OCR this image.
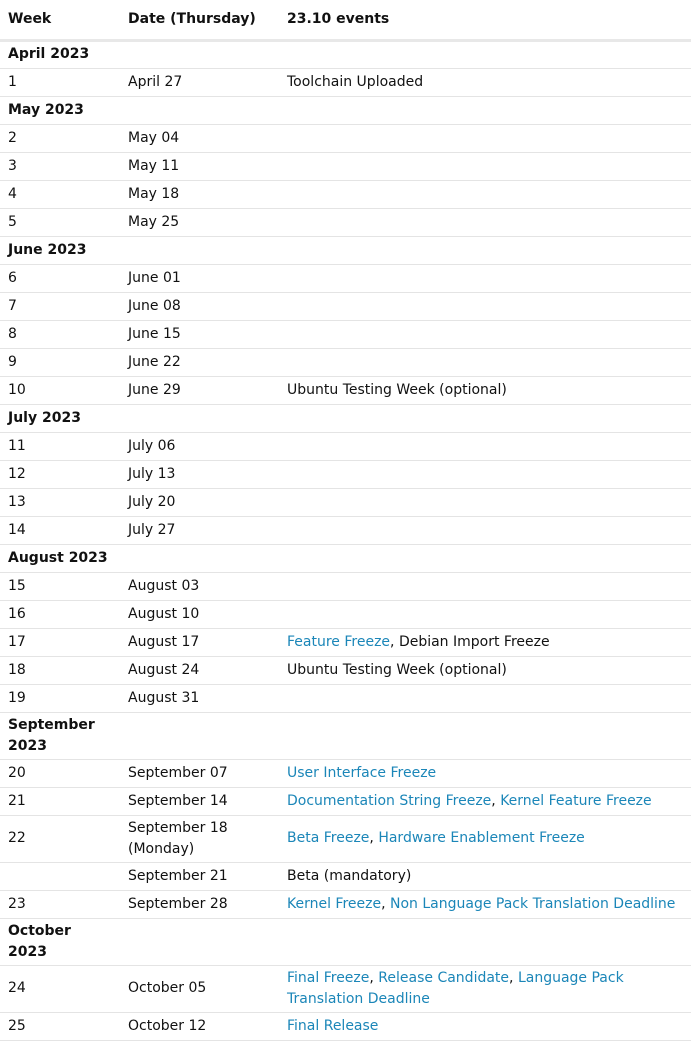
Week	Date (Thursday)	23.10 events
April 2023		
1	April 27	Toolchain Uploaded
May 2023		
2	May 04	
3	May 11	
4	May 18	
5	May 25	
June 2023		
6	June 01	
7	June 08	
8	June 15	
9	June 22	
10	June 29	Ubuntu Testing Week (optional)
July 2023		
11	July 06	
12	July 13	
13	July 20	
14	July 27	
August 2023		
15	August 03	
16	August 10	
17	August 17	Feature Freeze, Debian Import Freeze
18	August 24	Ubuntu Testing Week (optional)
19	August 31	
September 2023		
20	September 07	User Interface Freeze
21	September 14	Documentation String Freeze, Kernel Feature Freeze
22	September 18 (Monday)	Beta Freeze, Hardware Enablement Freeze
	September 21	Beta (mandatory)
23	September 28	Kernel Freeze, Non Language Pack Translation Deadline
October 2023		
24	October 05	Final Freeze, Release Candidate, Language Pack Translation Deadline
25	October 12	Final Release
